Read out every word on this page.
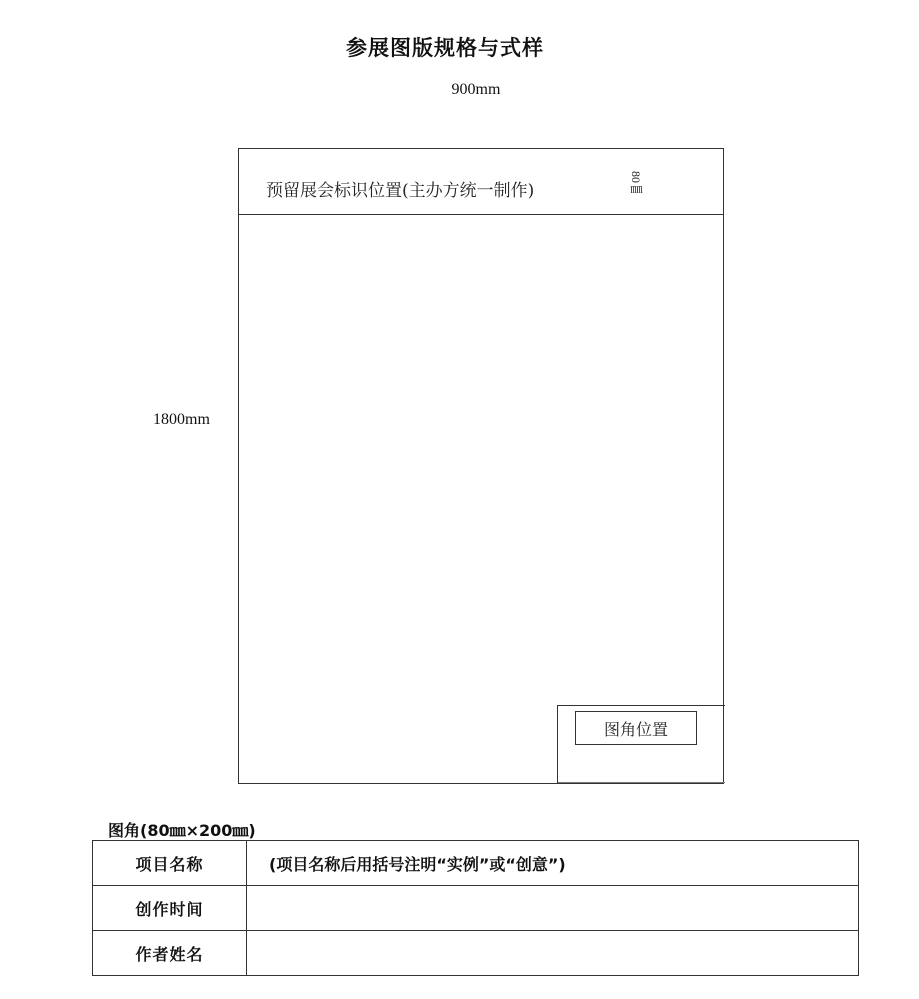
参展图版规格与式样
900mm
1800mm
预留展会标识位置(主办方统一制作)	80㎜
图角位置
图角(80㎜×200㎜)
项目名称	(项目名称后用括号注明“实例”或“创意”)
创作时间	
作者姓名	
